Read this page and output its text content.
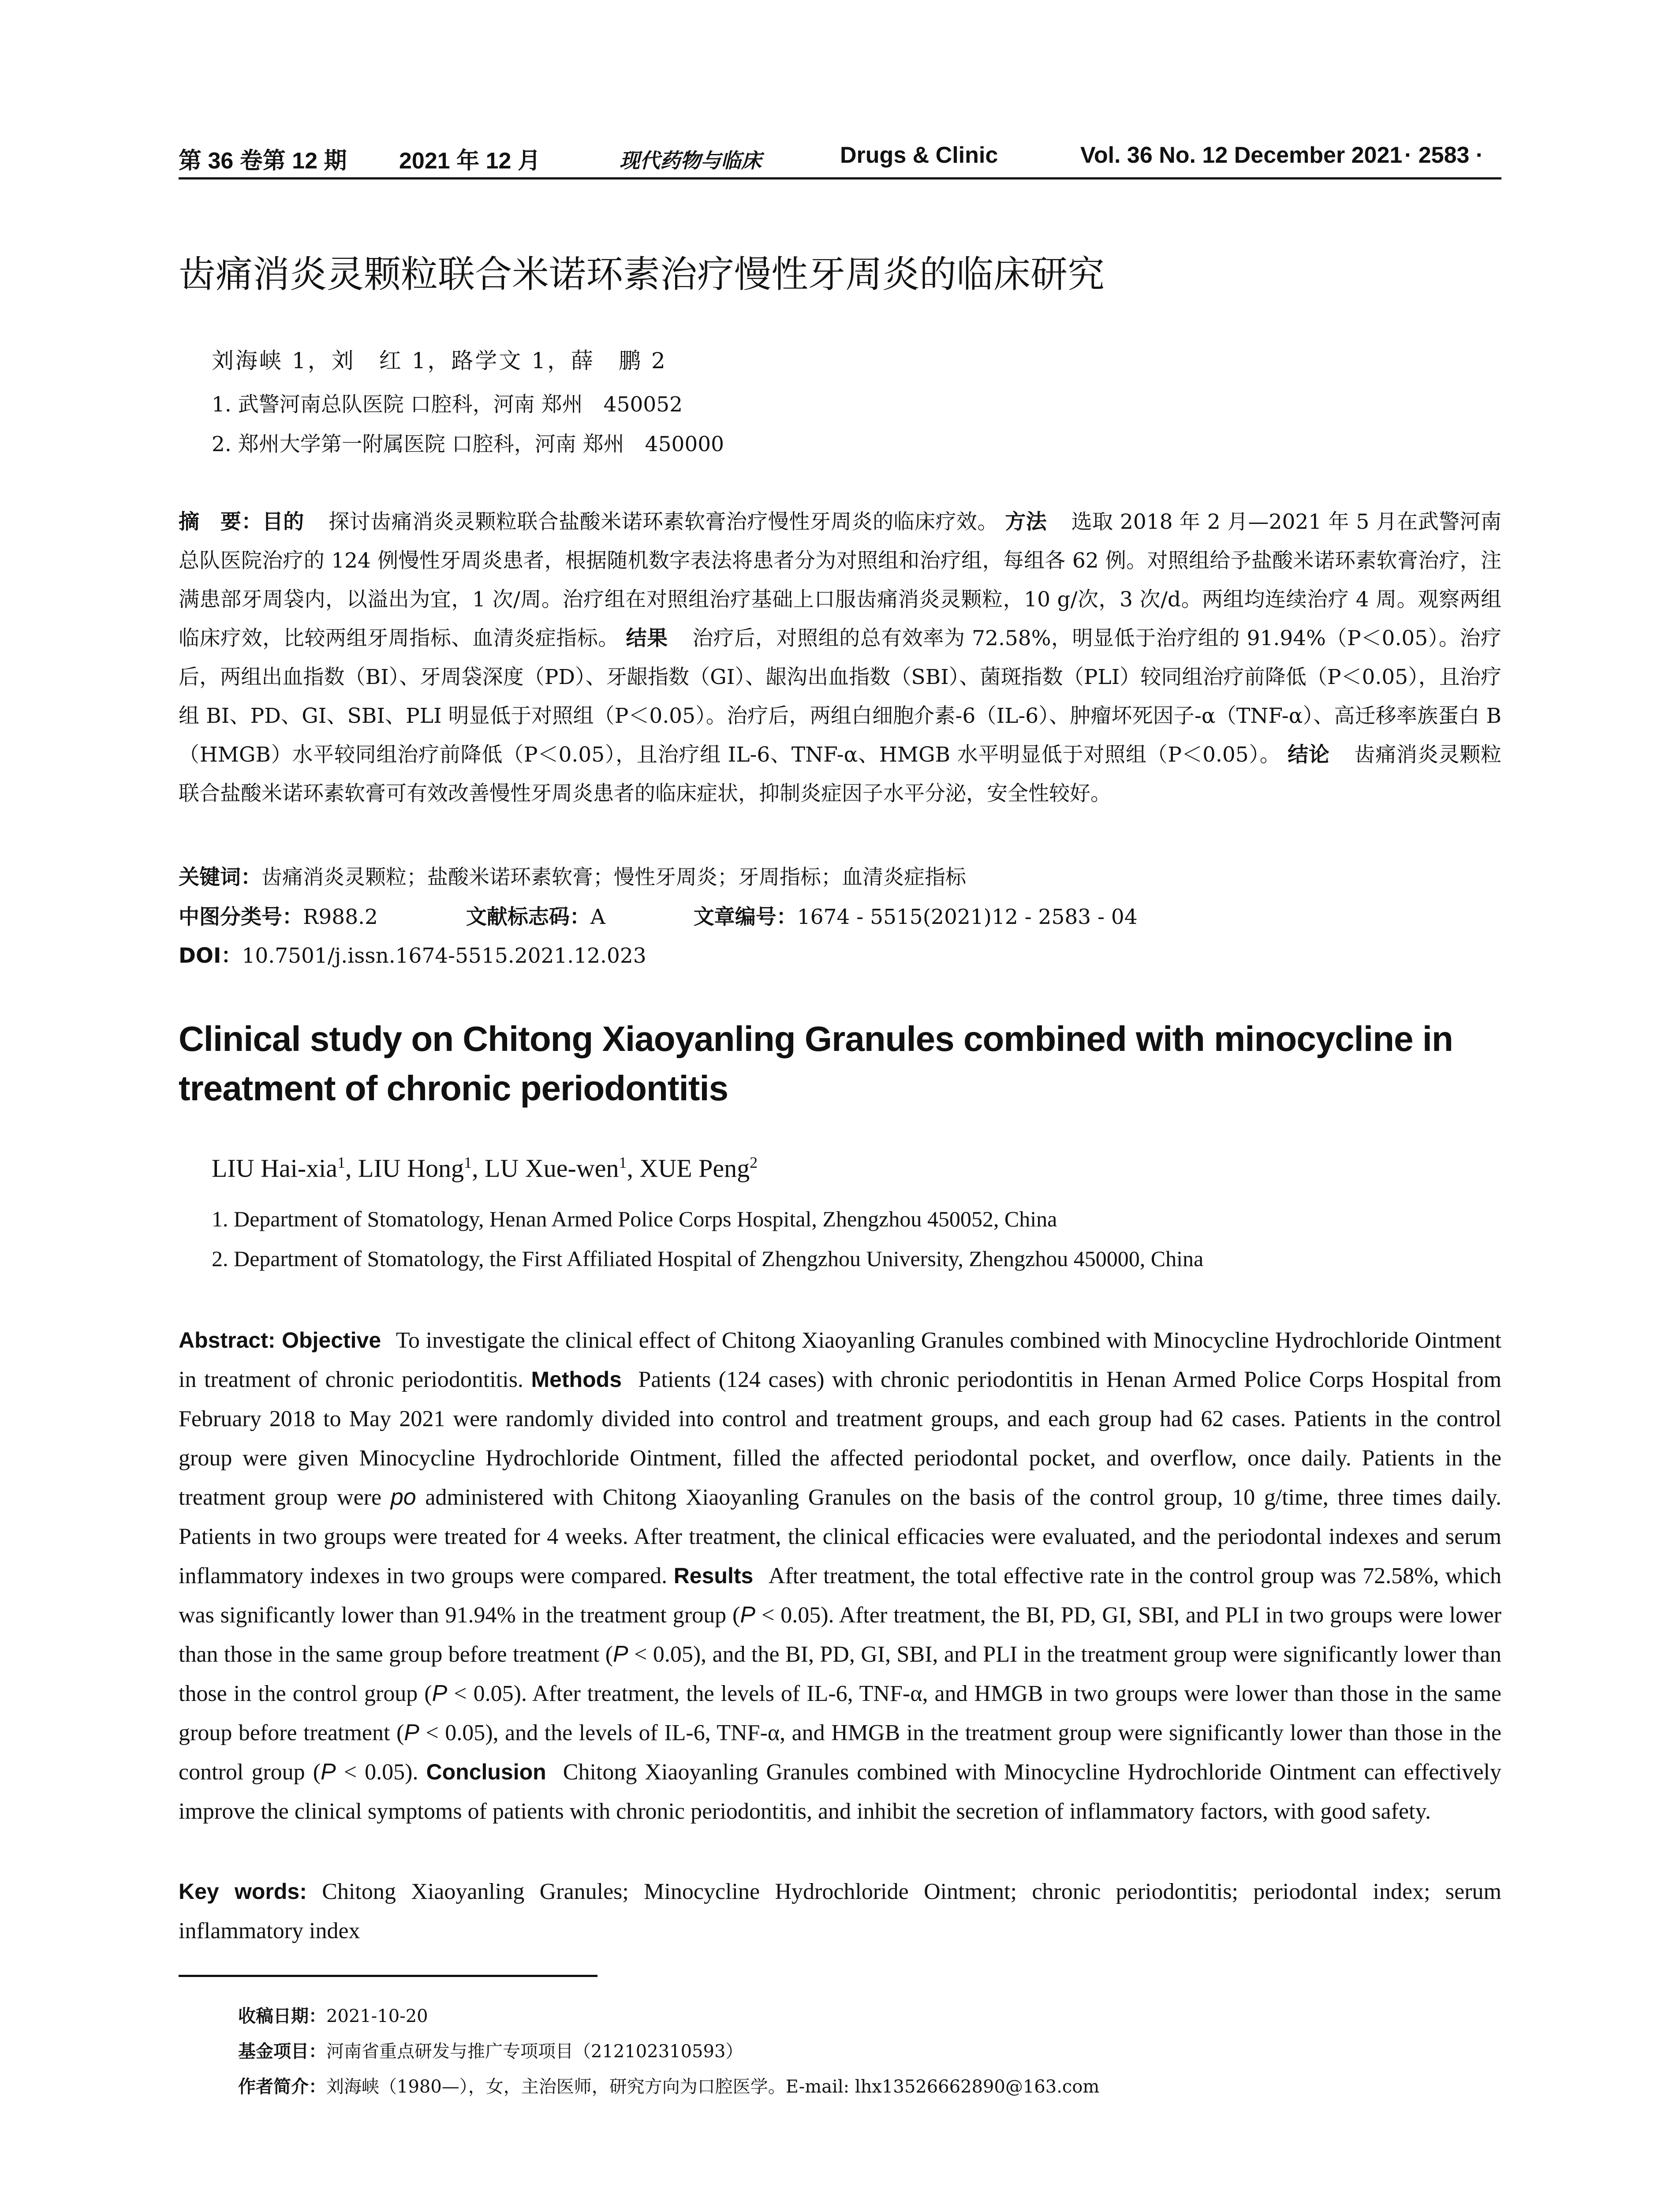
第 36 卷第 12 期 2021 年 12 月	现代药物与临床	Drugs & Clinic	Vol. 36 No. 12 December 2021 · 2583 ·
齿痛消炎灵颗粒联合米诺环素治疗慢性牙周炎的临床研究
刘海峡 1，刘　红 1，路学文 1，薛　鹏 2
1. 武警河南总队医院 口腔科，河南 郑州　450052
2. 郑州大学第一附属医院 口腔科，河南 郑州　450000
摘　要：目的 探讨齿痛消炎灵颗粒联合盐酸米诺环素软膏治疗慢性牙周炎的临床疗效。 方法 选取 2018 年 2 月—2021 年 5 月在武警河南总队医院治疗的 124 例慢性牙周炎患者，根据随机数字表法将患者分为对照组和治疗组，每组各 62 例。对照组给予盐酸米诺环素软膏治疗，注满患部牙周袋内，以溢出为宜，1 次/周。治疗组在对照组治疗基础上口服齿痛消炎灵颗粒，10 g/次，3 次/d。两组均连续治疗 4 周。观察两组临床疗效，比较两组牙周指标、血清炎症指标。 结果 治疗后，对照组的总有效率为 72.58%，明显低于治疗组的 91.94%（P＜0.05）。治疗后，两组出血指数（BI）、牙周袋深度（PD）、牙龈指数（GI）、龈沟出血指数（SBI）、菌斑指数（PLI）较同组治疗前降低（P＜0.05），且治疗组 BI、PD、GI、SBI、PLI 明显低于对照组（P＜0.05）。治疗后，两组白细胞介素-6（IL-6）、肿瘤坏死因子-α（TNF-α）、高迁移率族蛋白 B（HMGB）水平较同组治疗前降低（P＜0.05），且治疗组 IL-6、TNF-α、HMGB 水平明显低于对照组（P＜0.05）。 结论 齿痛消炎灵颗粒联合盐酸米诺环素软膏可有效改善慢性牙周炎患者的临床症状，抑制炎症因子水平分泌，安全性较好。
关键词：齿痛消炎灵颗粒；盐酸米诺环素软膏；慢性牙周炎；牙周指标；血清炎症指标
中图分类号：R988.2	文献标志码：A	文章编号：1674 - 5515(2021)12 - 2583 - 04
DOI：10.7501/j.issn.1674-5515.2021.12.023
Clinical study on Chitong Xiaoyanling Granules combined with minocycline in treatment of chronic periodontitis
LIU Hai-xia$^1$, LIU Hong$^1$, LU Xue-wen$^1$, XUE Peng$^2$
1. Department of Stomatology, Henan Armed Police Corps Hospital, Zhengzhou 450052, China
2. Department of Stomatology, the First Affiliated Hospital of Zhengzhou University, Zhengzhou 450000, China
Abstract: Objective To investigate the clinical effect of Chitong Xiaoyanling Granules combined with Minocycline Hydrochloride Ointment in treatment of chronic periodontitis. Methods Patients (124 cases) with chronic periodontitis in Henan Armed Police Corps Hospital from February 2018 to May 2021 were randomly divided into control and treatment groups, and each group had 62 cases. Patients in the control group were given Minocycline Hydrochloride Ointment, filled the affected periodontal pocket, and overflow, once daily. Patients in the treatment group were po administered with Chitong Xiaoyanling Granules on the basis of the control group, 10 g/time, three times daily. Patients in two groups were treated for 4 weeks. After treatment, the clinical efficacies were evaluated, and the periodontal indexes and serum inflammatory indexes in two groups were compared. Results After treatment, the total effective rate in the control group was 72.58%, which was significantly lower than 91.94% in the treatment group (P < 0.05). After treatment, the BI, PD, GI, SBI, and PLI in two groups were lower than those in the same group before treatment (P < 0.05), and the BI, PD, GI, SBI, and PLI in the treatment group were significantly lower than those in the control group (P < 0.05). After treatment, the levels of IL-6, TNF-α, and HMGB in two groups were lower than those in the same group before treatment (P < 0.05), and the levels of IL-6, TNF-α, and HMGB in the treatment group were significantly lower than those in the control group (P < 0.05). Conclusion Chitong Xiaoyanling Granules combined with Minocycline Hydrochloride Ointment can effectively improve the clinical symptoms of patients with chronic periodontitis, and inhibit the secretion of inflammatory factors, with good safety.
Key words: Chitong Xiaoyanling Granules; Minocycline Hydrochloride Ointment; chronic periodontitis; periodontal index; serum inflammatory index
收稿日期：2021-10-20
基金项目：河南省重点研发与推广专项项目（212102310593）
作者简介：刘海峡（1980—），女，主治医师，研究方向为口腔医学。E-mail: lhx13526662890@163.com
